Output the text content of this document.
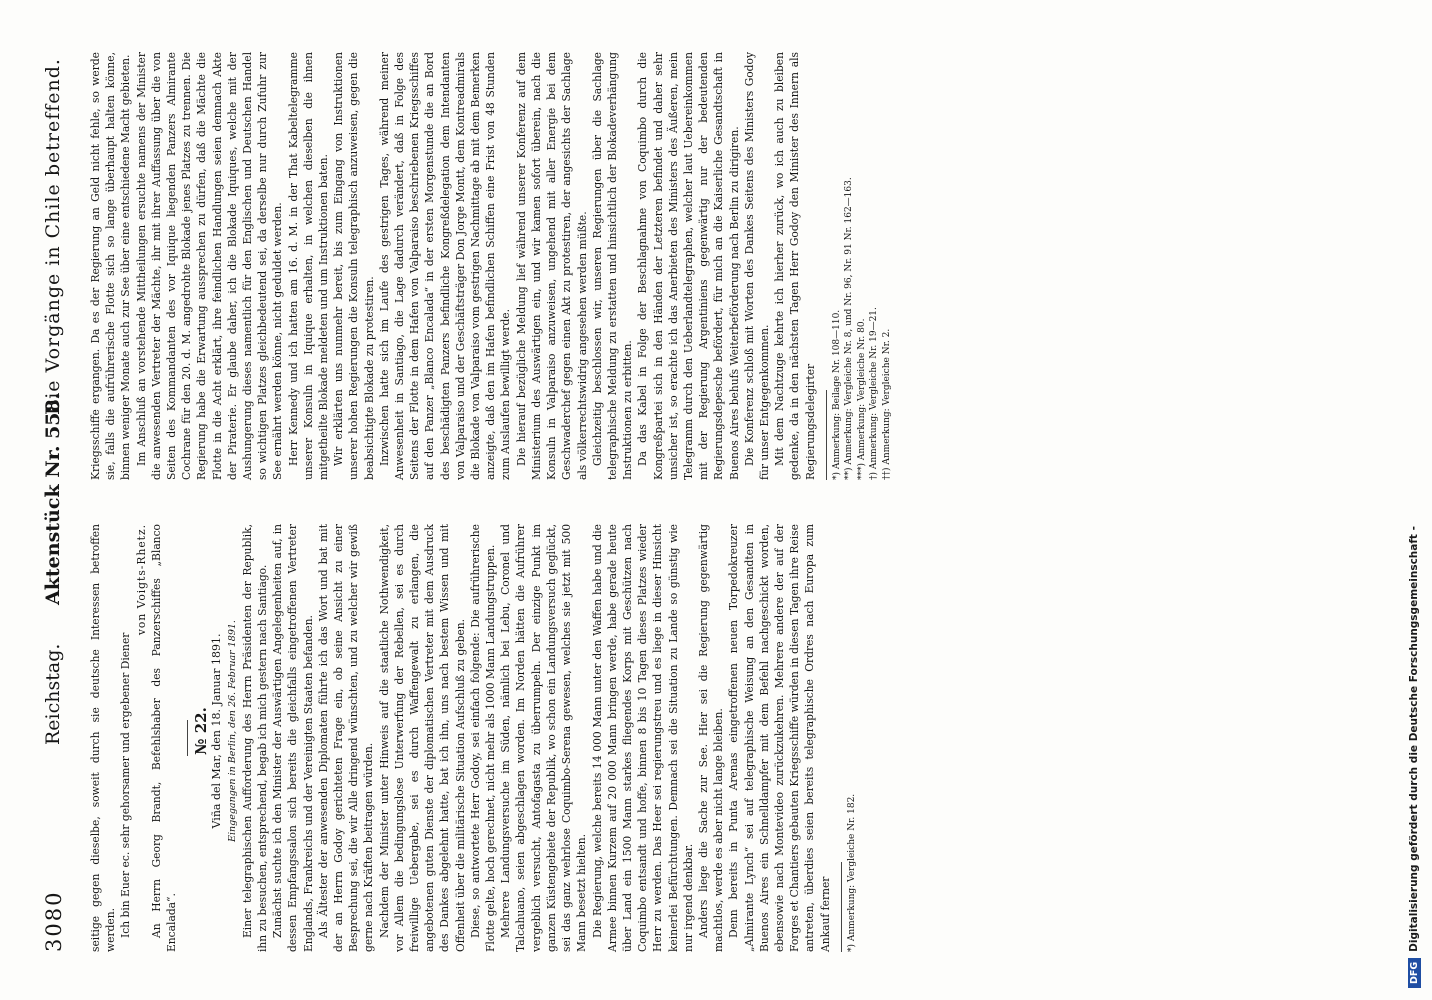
3080
Reichstag.
Aktenstück Nr. 558.
Die Vorgänge in Chile betreffend.

seitige gegen dieselbe, soweit durch sie deutsche Interessen betroffen werden. Ich bin Euer ec. sehr gehorsamer und ergebener Diener

von Voigts-Rhetz. An Herrn Georg Brandt, Befehlshaber des Panzerschiffes „Blanco Encalada“.

№ 22. Viña del Mar, den 18. Januar 1891. Eingegangen in Berlin, den 26. Februar 1891. Einer telegraphischen Aufforderung des Herrn Präsidenten der Republik, ihn zu besuchen, entsprechend, begab ich mich gestern nach Santiago. Zunächst suchte ich den Minister der Auswärtigen Angelegenheiten auf, in dessen Empfangssalon sich bereits die gleichfalls eingetroffenen Vertreter Englands, Frankreichs und der Vereinigten Staaten befanden. Als Ältester der anwesenden Diplomaten führte ich das Wort und bat mit der an Herrn Godoy gerichteten Frage ein, ob seine Ansicht zu einer Besprechung sei, die wir Alle dringend wünschten, und zu welcher wir gewiß gerne nach Kräften beitragen würden. Nachdem der Minister unter Hinweis auf die staatliche Nothwendigkeit, vor Allem die bedingungslose Unterwerfung der Rebellen, sei es durch freiwillige Uebergabe, sei es durch Waffengewalt zu erlangen, die angebotenen guten Dienste der diplomatischen Vertreter mit dem Ausdruck des Dankes abgelehnt hatte, bat ich ihn, uns nach bestem Wissen und mit Offenheit über die militärische Situation Aufschluß zu geben. Diese, so antwortete Herr Godoy, sei einfach folgende: Die aufrührerische Flotte gelte, hoch gerechnet, nicht mehr als 1000 Mann Landungstruppen. Mehrere Landungsversuche im Süden, nämlich bei Lebu, Coronel und Talcahuano, seien abgeschlagen worden. Im Norden hätten die Aufrührer vergeblich versucht, Antofagasta zu überrumpeln. Der einzige Punkt im ganzen Küstengebiete der Republik, wo schon ein Landungsversuch geglückt, sei das ganz wehrlose Coquimbo-Serena gewesen, welches sie jetzt mit 500 Mann besetzt hielten. Die Regierung, welche bereits 14 000 Mann unter den Waffen habe und die Armee binnen Kurzem auf 20 000 Mann bringen werde, habe gerade heute über Land ein 1500 Mann starkes fliegendes Korps mit Geschützen nach Coquimbo entsandt und hoffe, binnen 8 bis 10 Tagen dieses Platzes wieder Herr zu werden. Das Heer sei regierungstreu und es liege in dieser Hinsicht keinerlei Befürchtungen. Demnach sei die Situation zu Lande so günstig wie nur irgend denkbar. Anders liege die Sache zur See. Hier sei die Regierung gegenwärtig machtlos, werde es aber nicht lange bleiben. Denn bereits in Punta Arenas eingetroffenen neuen Torpedokreuzer „Almirante Lynch“ sei auf telegraphische Weisung an den Gesandten in Buenos Aires ein Schnelldampfer mit dem Befehl nachgeschickt worden, ebensowie nach Montevideo zurückzukehren. Mehrere andere der auf der Forges et Chantiers gebauten Kriegsschiffe würden in diesen Tagen ihre Reise antreten, überdies seien bereits telegraphische Ordres nach Europa zum Ankauf ferner *) Anmerkung: Vergleiche Nr. 182.

Kriegsschiffe ergangen. Da es der Regierung an Geld nicht fehle, so werde sie, falls die aufrührerische Flotte sich so lange überhaupt halten könne, binnen weniger Monate auch zur See über eine entschiedene Macht gebieten. Im Anschluß an vorstehende Mittheilungen ersuchte namens der Minister die anwesenden Vertreter der Mächte, ihr mit ihrer Auffassung über die von Seiten des Kommandanten des vor Iquique liegenden Panzers Almirante Cochrane für den 20. d. M. angedrohte Blokade jenes Platzes zu trennen. Die Regierung habe die Erwartung aussprechen zu dürfen, daß die Mächte die Flotte in die Acht erklärt, ihre feindlichen Handlungen seien demnach Akte der Piraterie. Er glaube daher, ich die Blokade Iquiques, welche mit der Aushungerung dieses namentlich für den Englischen und Deutschen Handel so wichtigen Platzes gleichbedeutend sei, da derselbe nur durch Zufuhr zur See ernährt werden könne, nicht geduldet werden. Herr Kennedy und ich hatten am 16. d. M. in der That Kabeltelegramme unserer Konsuln in Iquique erhalten, in welchen dieselben die ihnen mitgetheilte Blokade meldeten und um Instruktionen baten. Wir erklärten uns nunmehr bereit, bis zum Eingang von Instruktionen unserer hohen Regierungen die Konsuln telegraphisch anzuweisen, gegen die beabsichtigte Blokade zu protestiren. Inzwischen hatte sich im Laufe des gestrigen Tages, während meiner Anwesenheit in Santiago, die Lage dadurch verändert, daß in Folge des Seitens der Flotte in dem Hafen von Valparaiso beschriebenen Kriegsschiffes auf den Panzer „Blanco Encalada“ in der ersten Morgenstunde die an Bord des beschädigten Panzers befindliche Kongreßdelegation dem Intendanten von Valparaiso und der Geschäftsträger Don Jorge Montt, dem Kontreadmirals die Blokade von Valparaiso vom gestrigen Nachmittage ab mit dem Bemerken anzeigte, daß den im Hafen befindlichen Schiffen eine Frist von 48 Stunden zum Auslaufen bewilligt werde. Die hierauf bezügliche Meldung lief während unserer Konferenz auf dem Ministerium des Auswärtigen ein, und wir kamen sofort überein, nach die Konsuln in Valparaiso anzuweisen, ungehend mit aller Energie bei dem Geschwaderchef gegen einen Akt zu protestiren, der angesichts der Sachlage als völkerrechtswidrig angesehen werden müßte. Gleichzeitig beschlossen wir, unseren Regierungen über die Sachlage telegraphische Meldung zu erstatten und hinsichtlich der Blokadeverhängung Instruktionen zu erbitten. Da das Kabel in Folge der Beschlagnahme von Coquimbo durch die Kongreßpartei sich in den Händen der Letzteren befindet und daher sehr unsicher ist, so erachte ich das Anerbieten des Ministers des Äußeren, mein Telegramm durch den Ueberlandtelegraphen, welcher laut Uebereinkommen mit der Regierung Argentiniens gegenwärtig nur der bedeutenden Regierungsdepesche befördert, für mich an die Kaiserliche Gesandtschaft in Buenos Aires behufs Weiterbeförderung nach Berlin zu dirigiren. Die Konferenz schloß mit Worten des Dankes Seitens des Ministers Godoy für unser Entgegenkommen. Mit dem Nachtzuge kehrte ich hierher zurück, wo ich auch zu bleiben gedenke, da in den nächsten Tagen Herr Godoy den Minister des Innern als Regierungsdelegirter *) Anmerkung: Beilage Nr. 108—110. **) Anmerkung: Vergleiche Nr. 8, und Nr. 96, Nr. 91 Nr. 162—163. ***) Anmerkung: Vergleiche Nr. 80. †) Anmerkung: Vergleiche Nr. 19—21. ††) Anmerkung: Vergleiche Nr. 2.

DFGDigitalisierung gefördert durch die Deutsche Forschungsgemeinschaft -
